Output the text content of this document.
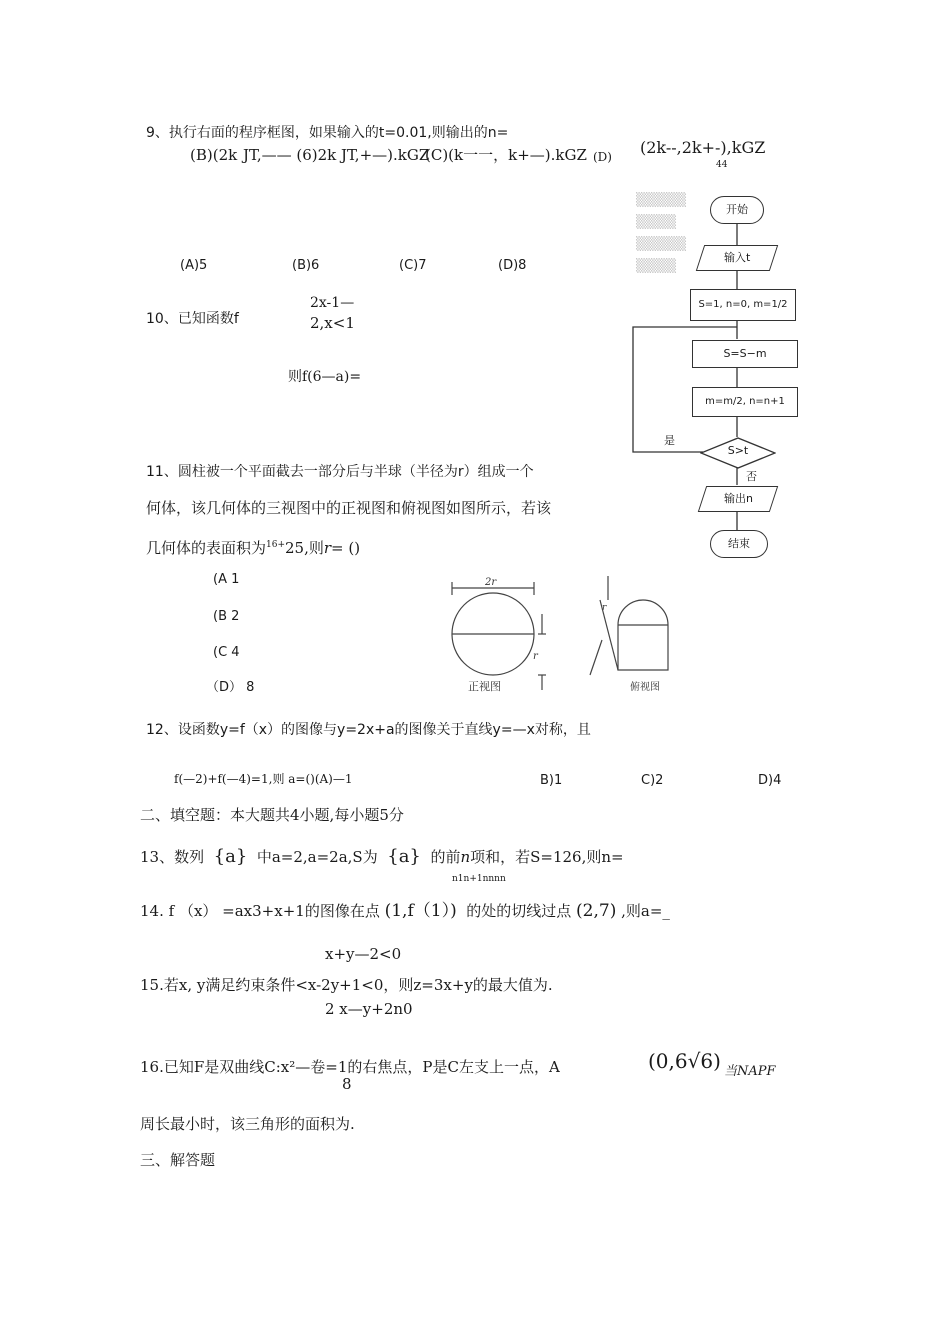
9、执行右面的程序框图，如果输入的t=0.01,则输出的n=
(B)(2k JT,—— (6)2k JT,+—).kGZ
(C)(k一一，k+—).kGZ (D) (2k--,2k+-),kGZ
44
(A)5	(B)6	(C)7	(D)8
10、已知函数f
2x-1—
2,x<1
则f(6—a)=
11、圆柱被一个平面截去一部分后与半球（半径为r）组成一个
何体，该几何体的三视图中的正视图和俯视图如图所示，若该
几何体的表面积为$^{16+}$25,则r= ()
(A 1
(B 2
(C 4
（D） 8
2r
r
正视图
r
俯视图
12、设函数y=f（x）的图像与y=2x+a的图像关于直线y=—x对称，且
f(—2)+f(—4)=1,则 a=()(A)—1	B)1	C)2	D)4
二、填空题：本大题共4小题,每小题5分
13、数列 {a} 中a=2,a=2a,S为 {a} 的前n项和，若S=126,则n=
n1n+1nnnn
14. f （x） =ax3+x+1的图像在点 (1,f（1）) 的处的切线过点 (2,7) ,则a=_
x+y—2<0
15.若x, y满足约束条件<x-2y+1<0，则z=3x+y的最大值为.
2 x—y+2n0
16.已知F是双曲线C:x²—卷=1的右焦点，P是C左支上一点，A	(0,6√6) 当NAPF
8
周长最小时，该三角形的面积为.
三、解答题
▒▒▒▒▒
▒▒▒▒
▒▒▒▒▒
▒▒▒▒
开始
输入t
S=1, n=0, m=1/2
S=S−m
m=m/2, n=n+1
S>t
是
否
输出n
结束
